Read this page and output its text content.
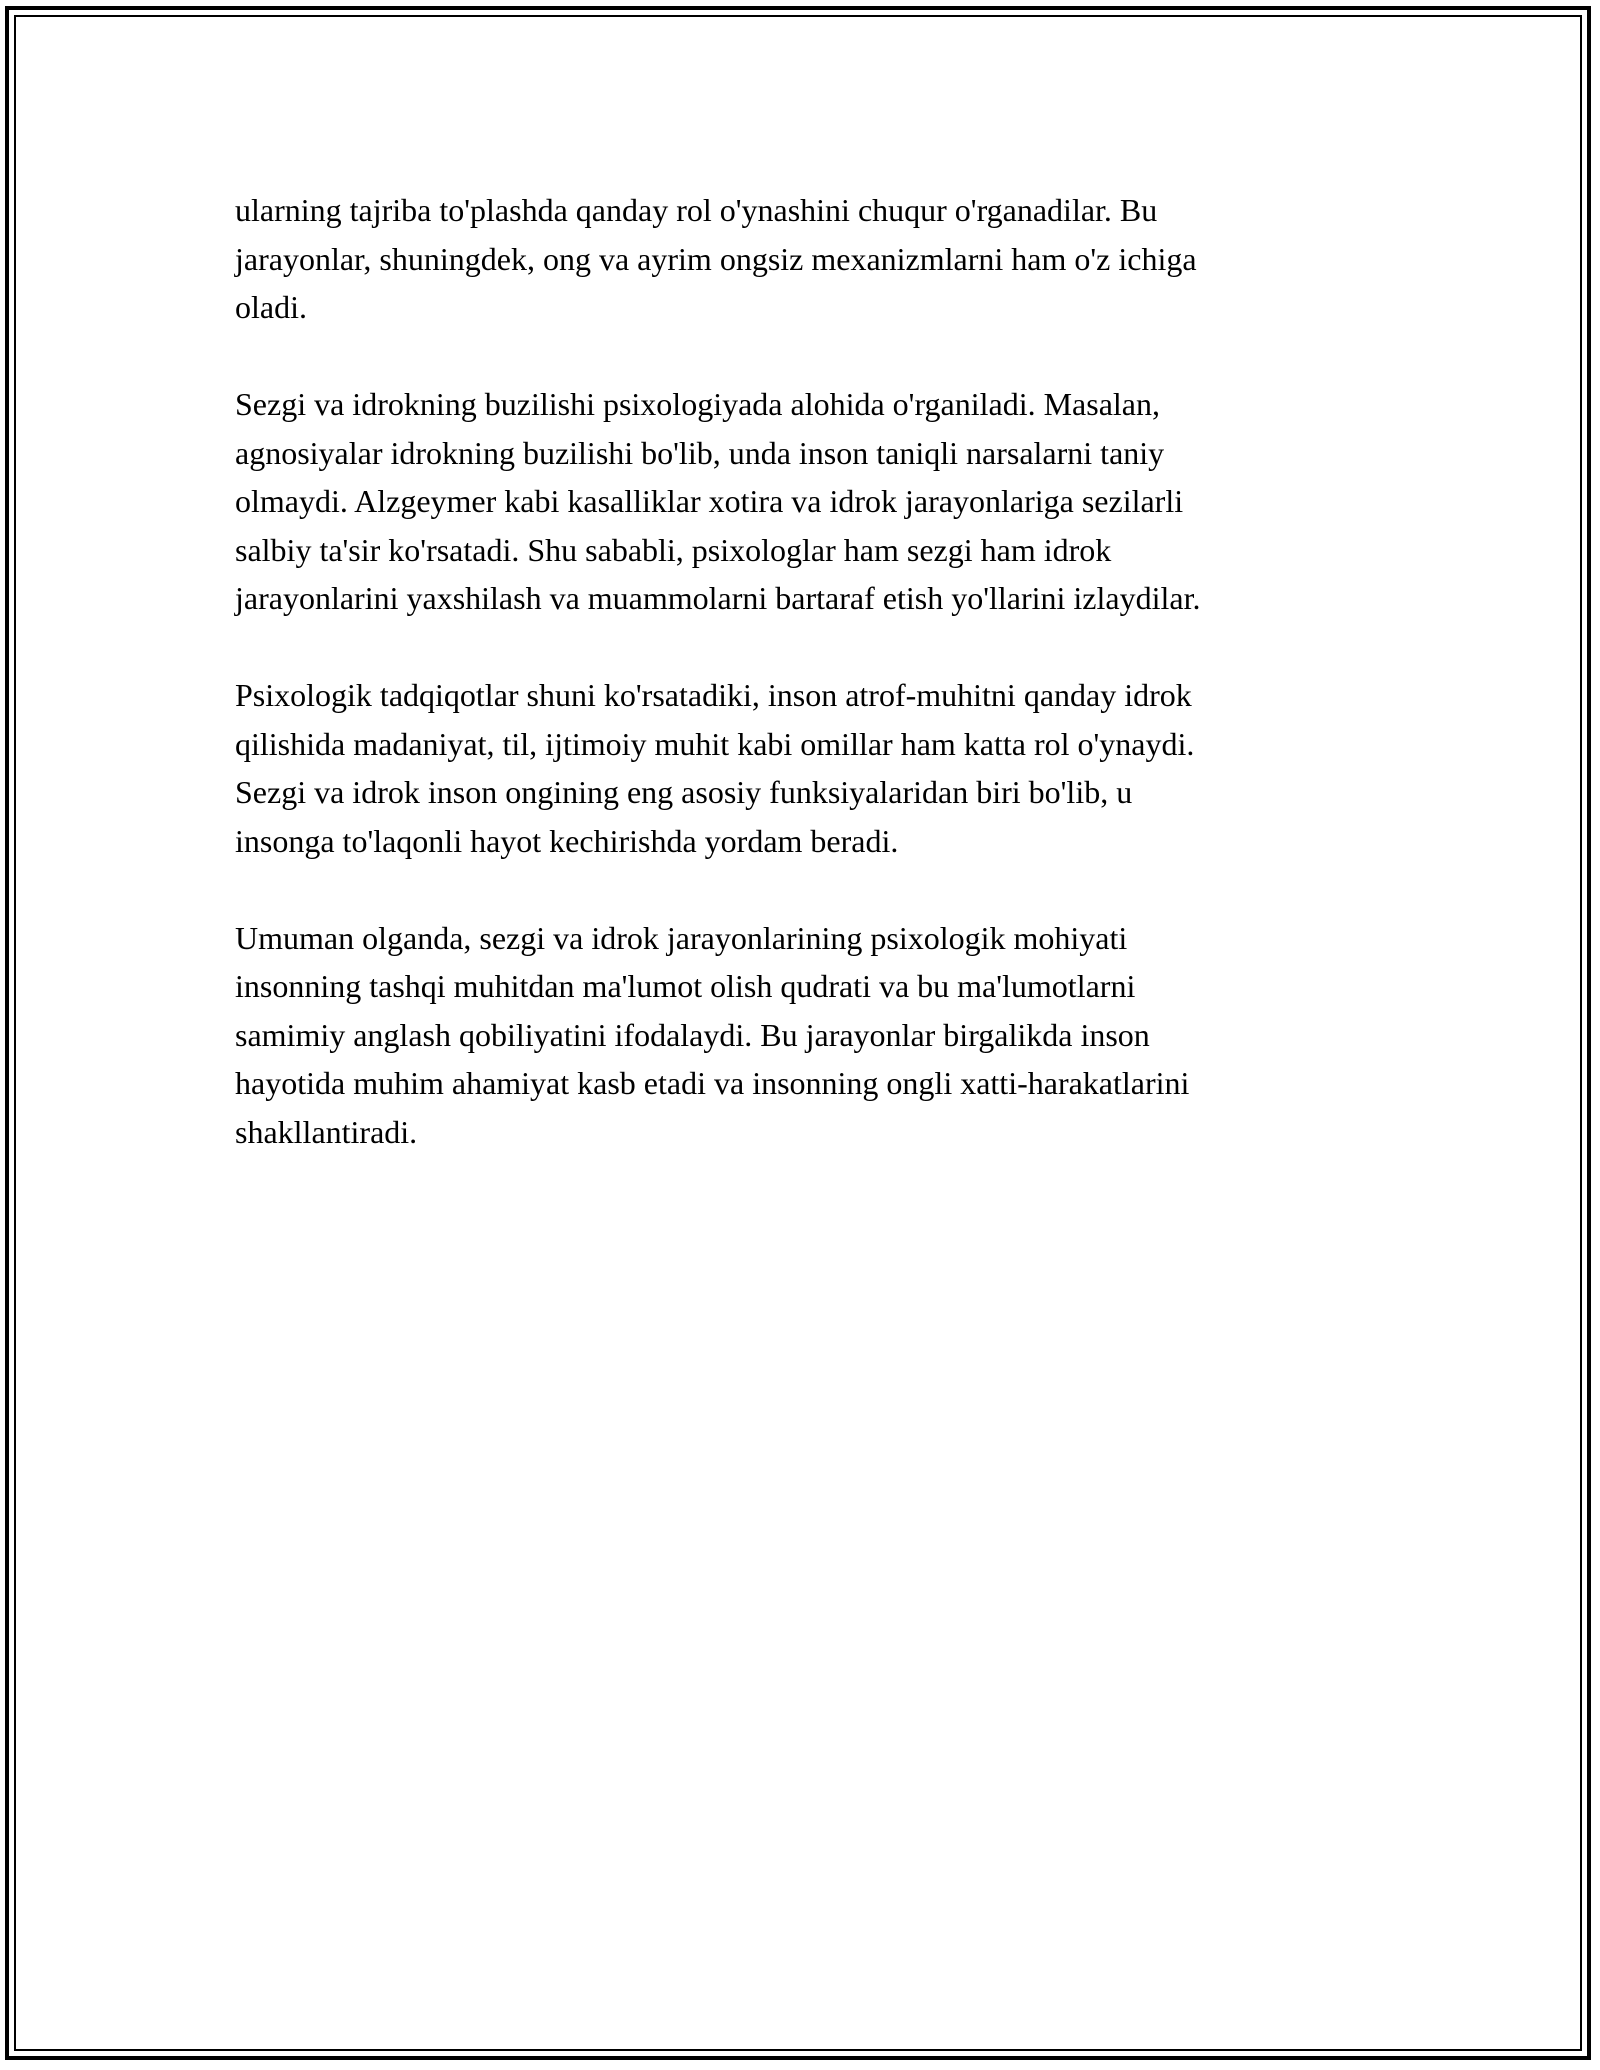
ularning tajriba to'plashda qanday rol o'ynashini chuqur o'rganadilar. Bu
jarayonlar, shuningdek, ong va ayrim ongsiz mexanizmlarni ham o'z ichiga
oladi.

Sezgi va idrokning buzilishi psixologiyada alohida o'rganiladi. Masalan,
agnosiyalar idrokning buzilishi bo'lib, unda inson taniqli narsalarni taniy
olmaydi. Alzgeymer kabi kasalliklar xotira va idrok jarayonlariga sezilarli
salbiy ta'sir ko'rsatadi. Shu sababli, psixologlar ham sezgi ham idrok
jarayonlarini yaxshilash va muammolarni bartaraf etish yo'llarini izlaydilar.

Psixologik tadqiqotlar shuni ko'rsatadiki, inson atrof-muhitni qanday idrok
qilishida madaniyat, til, ijtimoiy muhit kabi omillar ham katta rol o'ynaydi.
Sezgi va idrok inson ongining eng asosiy funksiyalaridan biri bo'lib, u
insonga to'laqonli hayot kechirishda yordam beradi.

Umuman olganda, sezgi va idrok jarayonlarining psixologik mohiyati
insonning tashqi muhitdan ma'lumot olish qudrati va bu ma'lumotlarni
samimiy anglash qobiliyatini ifodalaydi. Bu jarayonlar birgalikda inson
hayotida muhim ahamiyat kasb etadi va insonning ongli xatti-harakatlarini
shakllantiradi.
